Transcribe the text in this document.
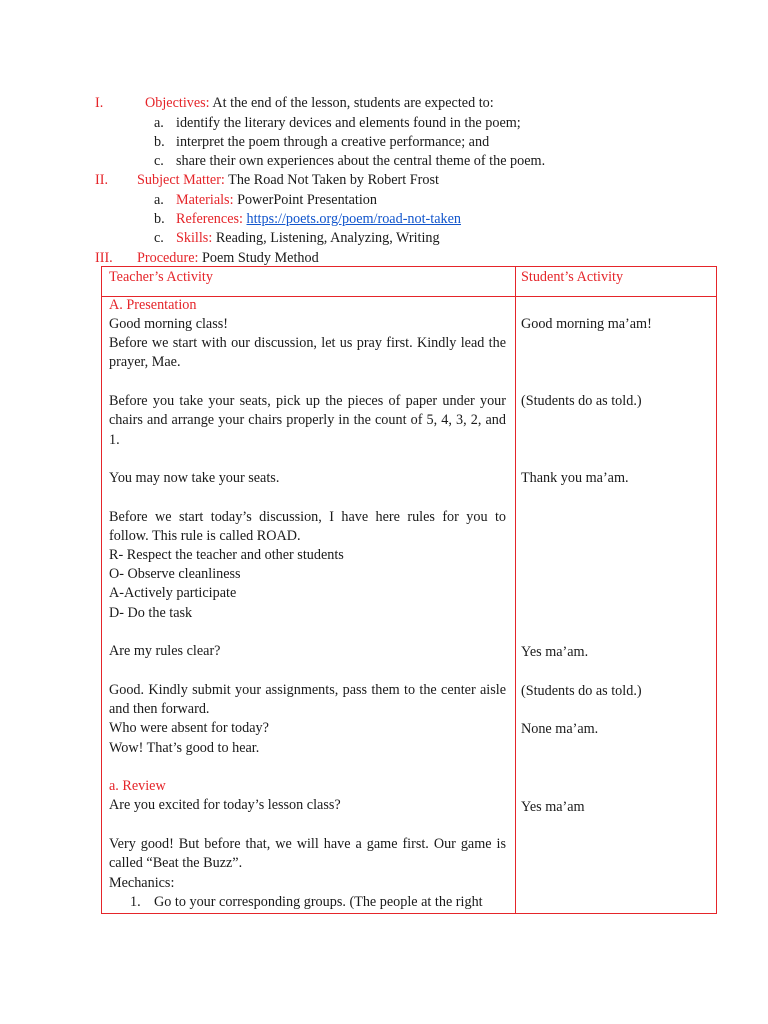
I.	Objectives: At the end of the lesson, students are expected to:
a. identify the literary devices and elements found in the poem;
b. interpret the poem through a creative performance; and
c. share their own experiences about the central theme of the poem.
II. Subject Matter: The Road Not Taken by Robert Frost
a. Materials: PowerPoint Presentation
b. References: https://poets.org/poem/road-not-taken
c. Skills: Reading, Listening, Analyzing, Writing
III. Procedure: Poem Study Method
Teacher’s Activity	Student’s Activity
A. Presentation
Good morning class!
Before we start with our discussion, let us pray first. Kindly lead the prayer, Mae.
Before you take your seats, pick up the pieces of paper under your chairs and arrange your chairs properly in the count of 5, 4, 3, 2, and 1.
You may now take your seats.
Before we start today’s discussion, I have here rules for you to follow. This rule is called ROAD.
R- Respect the teacher and other students
O- Observe cleanliness
A-Actively participate
D- Do the task
Are my rules clear?
Good. Kindly submit your assignments, pass them to the center aisle and then forward.
Who were absent for today?
Wow! That’s good to hear.
a. Review
Are you excited for today’s lesson class?
Very good! But before that, we will have a game first. Our game is called “Beat the Buzz”.
Mechanics:
1. Go to your corresponding groups. (The people at the right
Good morning ma’am!
(Students do as told.)
Thank you ma’am.
Yes ma’am.
(Students do as told.)
None ma’am.
Yes ma’am
